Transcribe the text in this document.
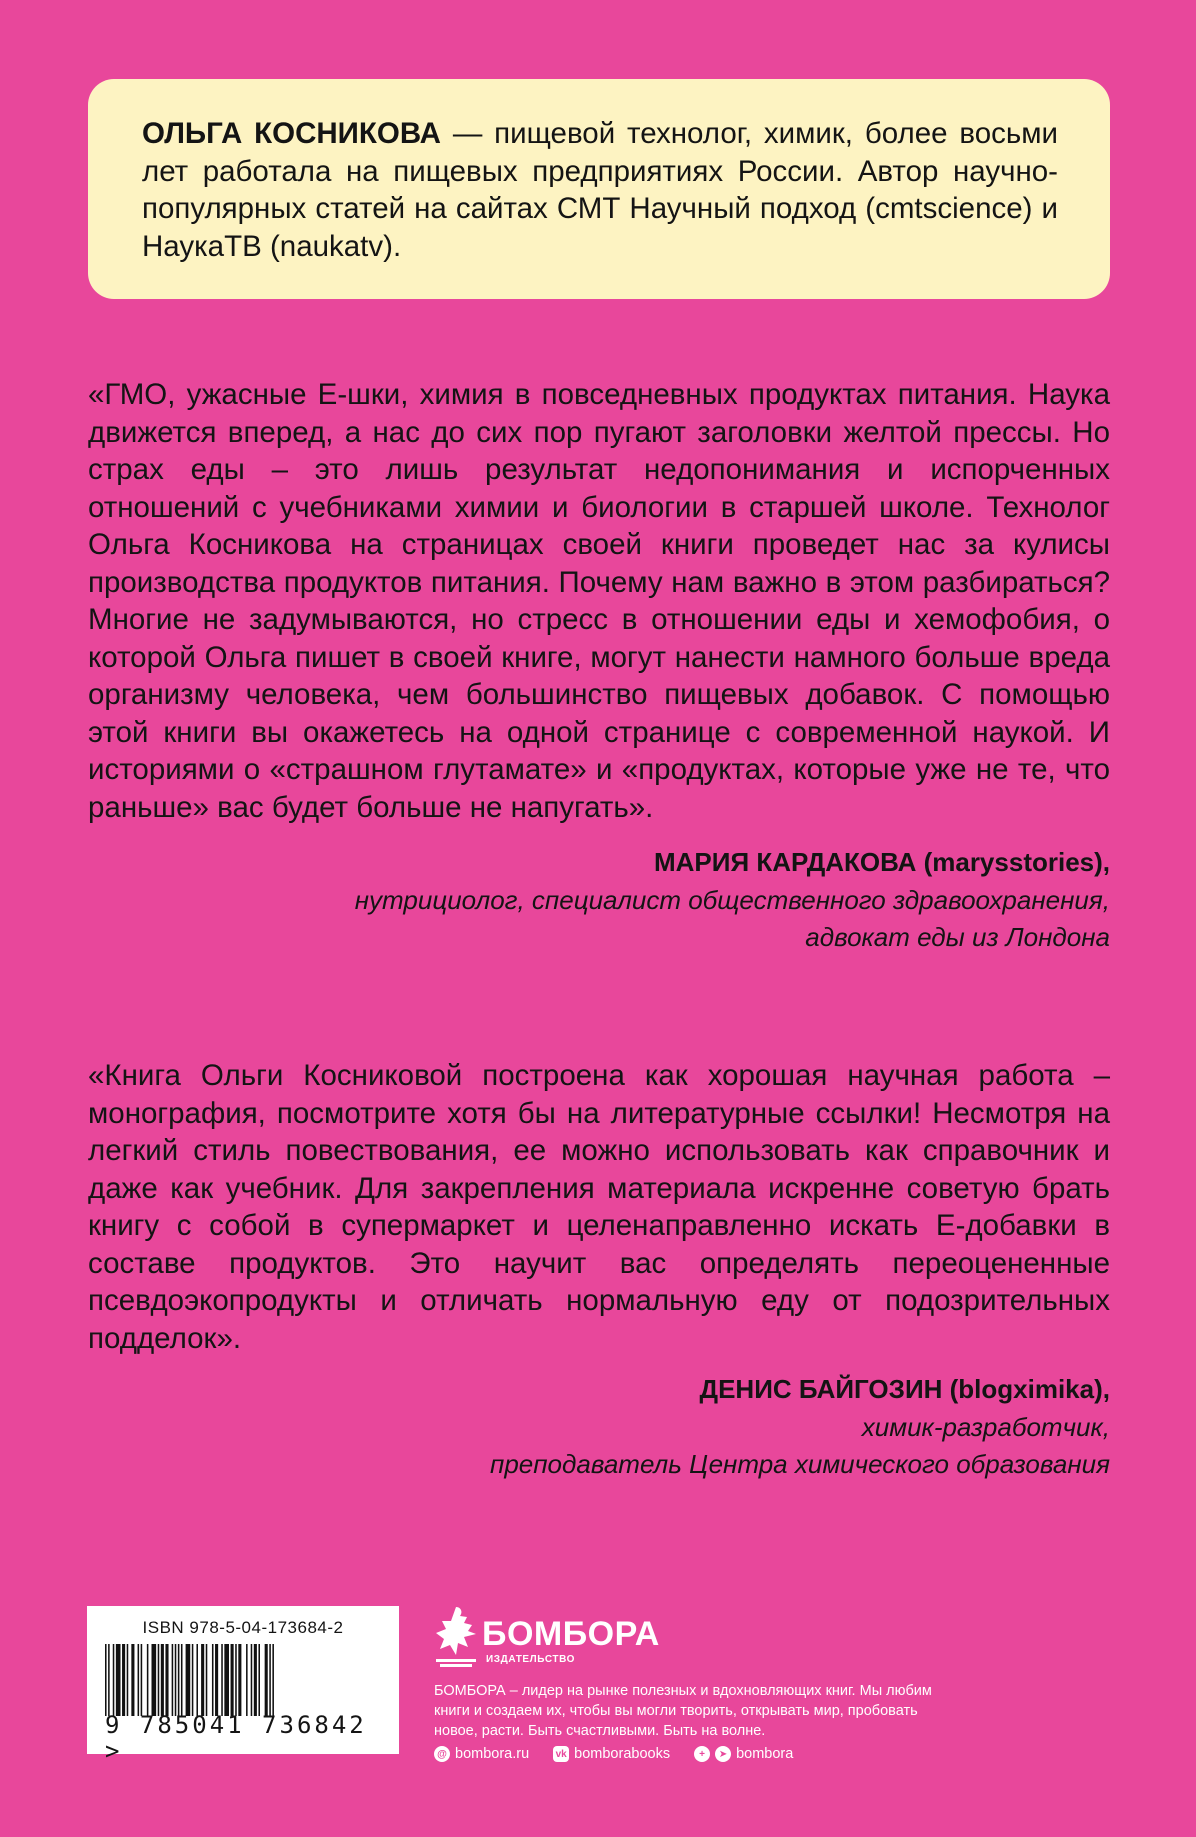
ОЛЬГА КОСНИКОВА — пищевой технолог, химик, более восьми лет работала на пищевых предприятиях России. Автор научно-популярных статей на сайтах СМТ Научный подход (cmtscience) и НаукаТВ (naukatv).

«ГМО, ужасные Е-шки, химия в повседневных продуктах питания. Наука движется вперед, а нас до сих пор пугают заголовки желтой прессы. Но страх еды – это лишь результат недопонимания и испорченных отношений с учебниками химии и биологии в старшей школе. Технолог Ольга Косникова на страницах своей книги проведет нас за кулисы производства продуктов питания. Почему нам важно в этом разбираться? Многие не задумываются, но стресс в отношении еды и хемофобия, о которой Ольга пишет в своей книге, могут нанести намного больше вреда организму человека, чем большинство пищевых добавок. С помощью этой книги вы окажетесь на одной странице с современной наукой. И историями о «страшном глутамате» и «продуктах, которые уже не те, что раньше» вас будет больше не напугать».

МАРИЯ КАРДАКОВА (marysstories),
нутрициолог, специалист общественного здравоохранения,
адвокат еды из Лондона

«Книга Ольги Косниковой построена как хорошая научная работа – монография, посмотрите хотя бы на литературные ссылки! Несмотря на легкий стиль повествования, ее можно использовать как справочник и даже как учебник. Для закрепления материала искренне советую брать книгу с собой в супермаркет и целенаправленно искать Е-добавки в составе продуктов. Это научит вас определять переоцененные псевдоэкопродукты и отличать нормальную еду от подозрительных подделок».

ДЕНИС БАЙГОЗИН (blogximika),
химик-разработчик,
преподаватель Центра химического образования
ISBN 978-5-04-173684-2
9 785041 736842 >
БОМБОРА
ИЗДАТЕЛЬСТВО
БОМБОРА – лидер на рынке полезных и вдохновляющих книг. Мы любим книги и создаем их, чтобы вы могли творить, открывать мир, пробовать новое, расти. Быть счастливыми. Быть на волне.
@ bombora.ru	vk bomborabooks	+	➤ bombora
